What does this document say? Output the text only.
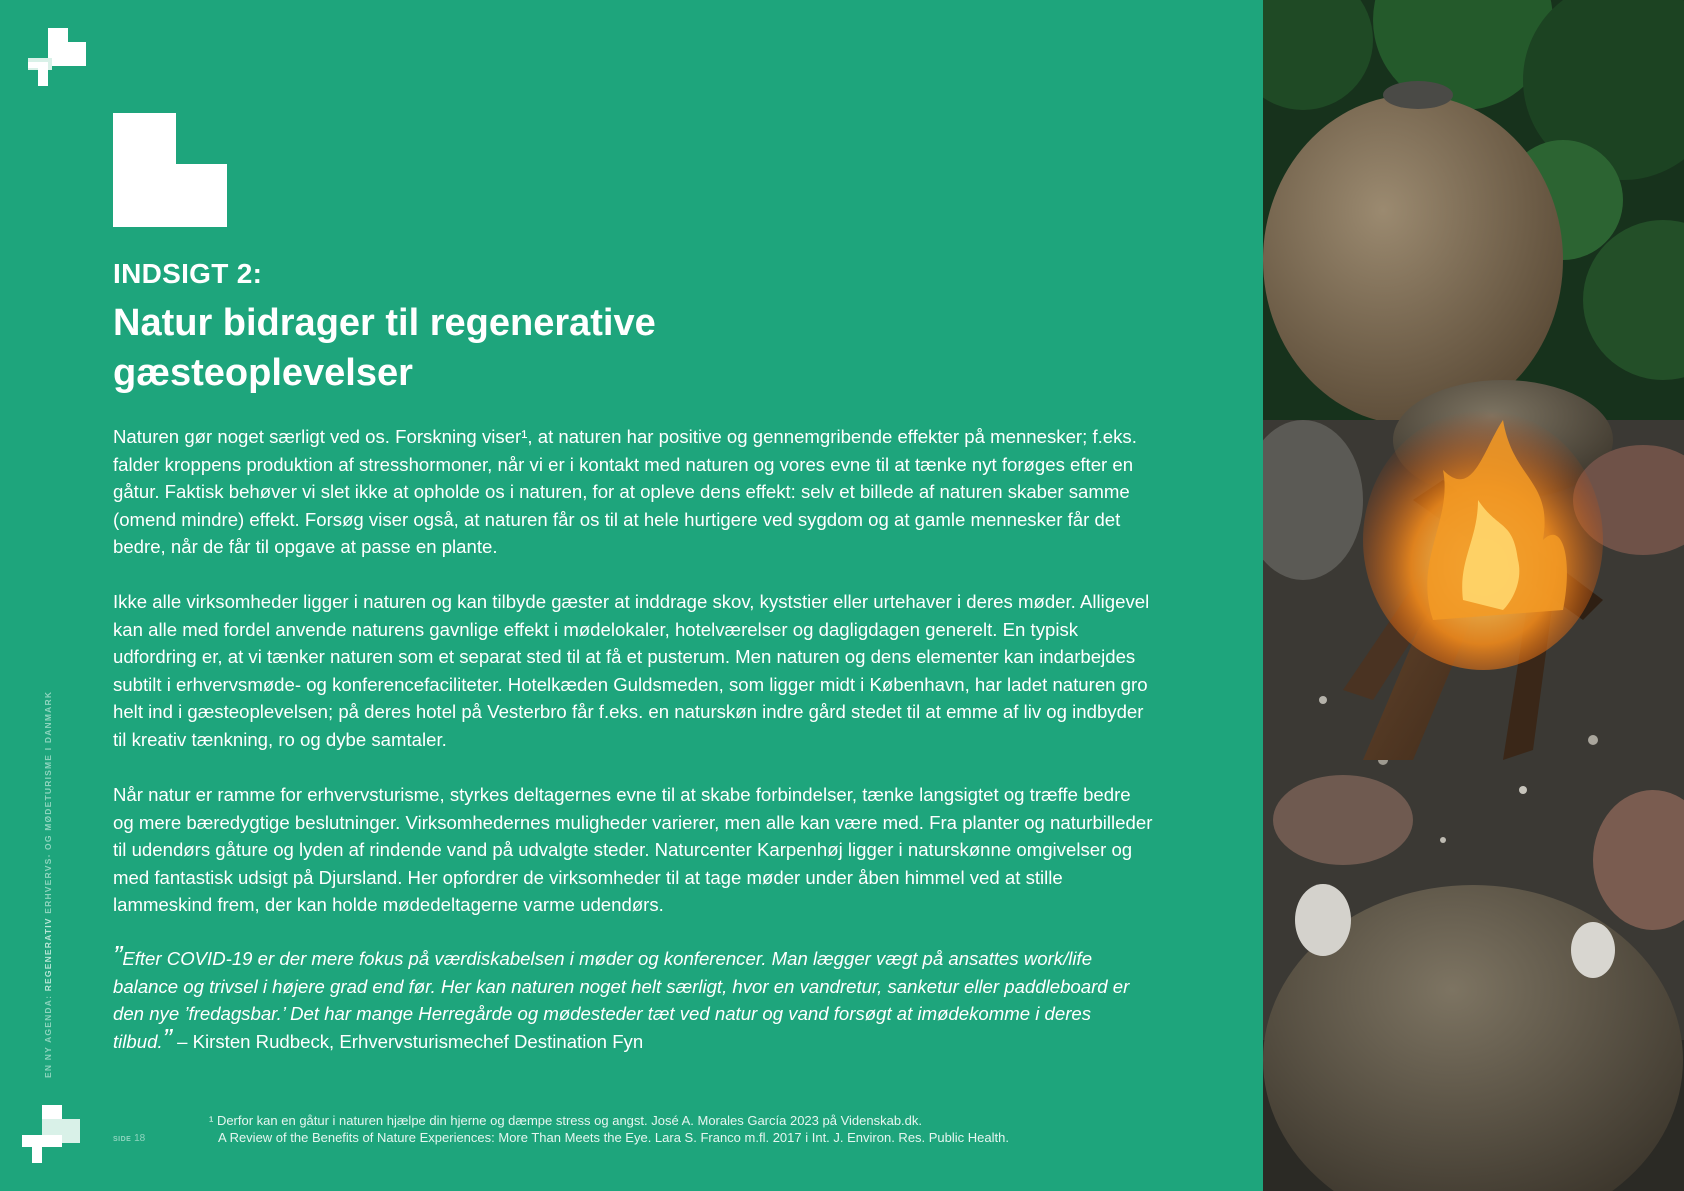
INDSIGT 2:
Natur bidrager til regenerative
gæsteoplevelser

Naturen gør noget særligt ved os. Forskning viser¹, at naturen har positive og gennemgribende effekter på mennesker; f.eks. falder kroppens produktion af stresshormoner, når vi er i kontakt med naturen og vores evne til at tænke nyt forøges efter en gåtur. Faktisk behøver vi slet ikke at opholde os i naturen, for at opleve dens effekt: selv et billede af naturen skaber samme (omend mindre) effekt. Forsøg viser også, at naturen får os til at hele hurtigere ved sygdom og at gamle mennesker får det bedre, når de får til opgave at passe en plante.

Ikke alle virksomheder ligger i naturen og kan tilbyde gæster at inddrage skov, kyststier eller urtehaver i deres møder. Alligevel kan alle med fordel anvende naturens gavnlige effekt i mødelokaler, hotelværelser og dagligdagen generelt. En typisk udfordring er, at vi tænker naturen som et separat sted til at få et pusterum. Men naturen og dens elementer kan indarbejdes subtilt i erhvervsmøde- og konferencefaciliteter. Hotelkæden Guldsmeden, som ligger midt i København, har ladet naturen gro helt ind i gæsteoplevelsen; på deres hotel på Vesterbro får f.eks. en naturskøn indre gård stedet til at emme af liv og indbyder til kreativ tænkning, ro og dybe samtaler.

Når natur er ramme for erhvervsturisme, styrkes deltagernes evne til at skabe forbindelser, tænke langsigtet og træffe bedre og mere bæredygtige beslutninger. Virksomhedernes muligheder varierer, men alle kan være med. Fra planter og naturbilleder til udendørs gåture og lyden af rindende vand på udvalgte steder. Naturcenter Karpenhøj ligger i naturskønne omgivelser og med fantastisk udsigt på Djursland. Her opfordrer de virksomheder til at tage møder under åben himmel ved at stille lammeskind frem, der kan holde mødedeltagerne varme udendørs.

”Efter COVID-19 er der mere fokus på værdiskabelsen i møder og konferencer. Man lægger vægt på ansattes work/life balance og trivsel i højere grad end før. Her kan naturen noget helt særligt, hvor en vandretur, sanketur eller paddleboard er den nye ’fredagsbar.’ Det har mange Herregårde og mødesteder tæt ved natur og vand forsøgt at imødekomme i deres tilbud.” – Kirsten Rudbeck, Erhvervsturismechef Destination Fyn

EN NY AGENDA: REGENERATIV ERHVERVS- OG MØDETURISME I DANMARK
SIDE 18
¹ Derfor kan en gåtur i naturen hjælpe din hjerne og dæmpe stress og angst. José A. Morales García 2023 på Videnskab.dk.
A Review of the Benefits of Nature Experiences: More Than Meets the Eye. Lara S. Franco m.fl. 2017 i Int. J. Environ. Res. Public Health.
